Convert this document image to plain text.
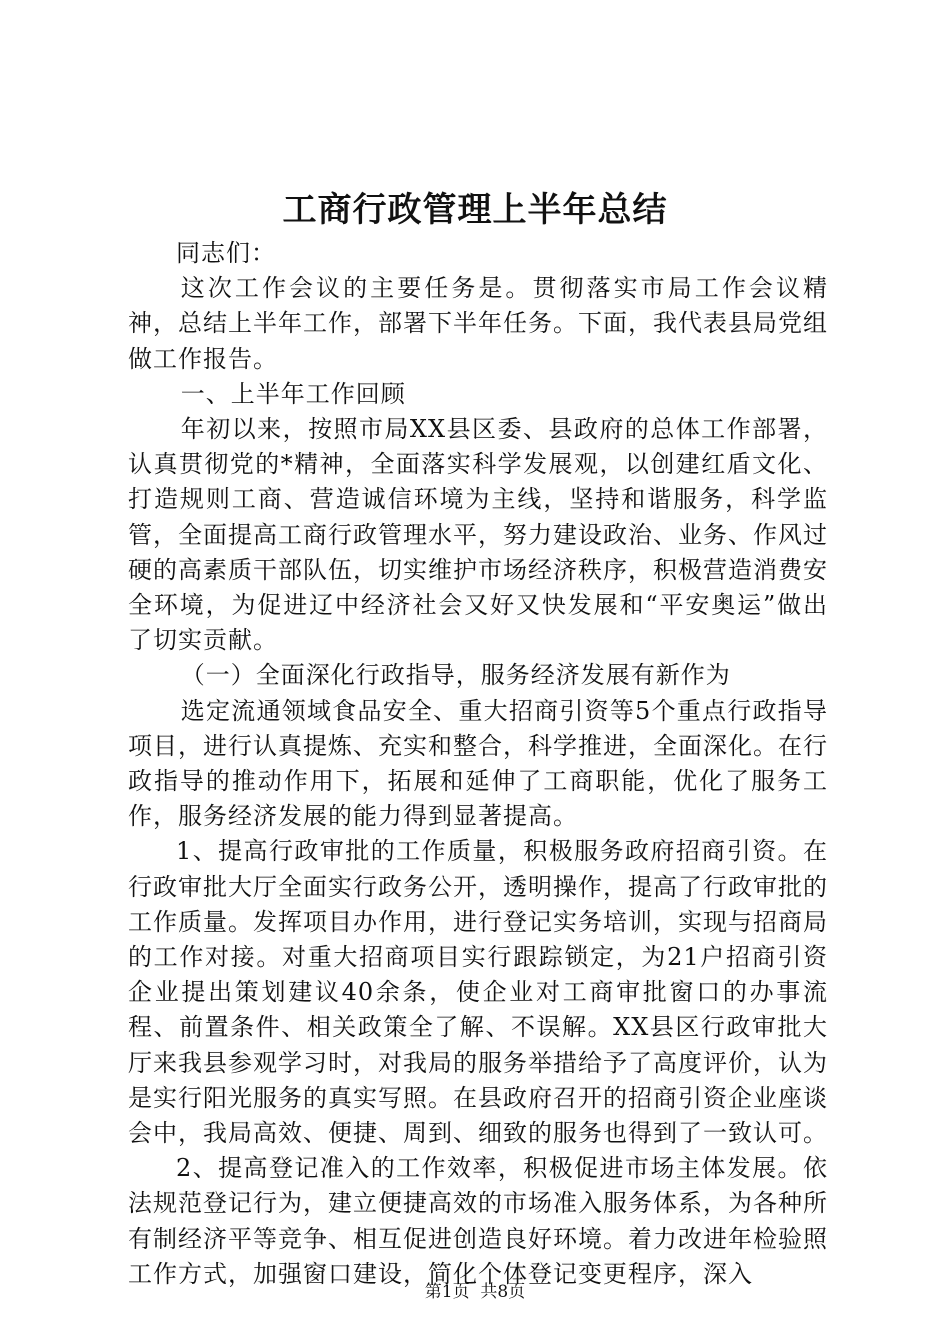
工商行政管理上半年总结

同志们：

这次工作会议的主要任务是。贯彻落实市局工作会议精神，总结上半年工作，部署下半年任务。下面，我代表县局党组做工作报告。

一、上半年工作回顾

年初以来，按照市局XX县区委、县政府的总体工作部署，认真贯彻党的*精神，全面落实科学发展观，以创建红盾文化、打造规则工商、营造诚信环境为主线，坚持和谐服务，科学监管，全面提高工商行政管理水平，努力建设政治、业务、作风过硬的高素质干部队伍，切实维护市场经济秩序，积极营造消费安全环境，为促进辽中经济社会又好又快发展和“平安奥运”做出了切实贡献。

（一）全面深化行政指导，服务经济发展有新作为

选定流通领域食品安全、重大招商引资等5个重点行政指导项目，进行认真提炼、充实和整合，科学推进，全面深化。在行政指导的推动作用下，拓展和延伸了工商职能，优化了服务工作，服务经济发展的能力得到显著提高。

1、提高行政审批的工作质量，积极服务政府招商引资。在行政审批大厅全面实行政务公开，透明操作，提高了行政审批的工作质量。发挥项目办作用，进行登记实务培训，实现与招商局的工作对接。对重大招商项目实行跟踪锁定，为21户招商引资企业提出策划建议40余条，使企业对工商审批窗口的办事流程、前置条件、相关政策全了解、不误解。XX县区行政审批大厅来我县参观学习时，对我局的服务举措给予了高度评价，认为是实行阳光服务的真实写照。在县政府召开的招商引资企业座谈会中，我局高效、便捷、周到、细致的服务也得到了一致认可。

2、提高登记准入的工作效率，积极促进市场主体发展。依法规范登记行为，建立便捷高效的市场准入服务体系，为各种所有制经济平等竞争、相互促进创造良好环境。着力改进年检验照工作方式，加强窗口建设，简化个体登记变更程序，深入

第1页  共8页
